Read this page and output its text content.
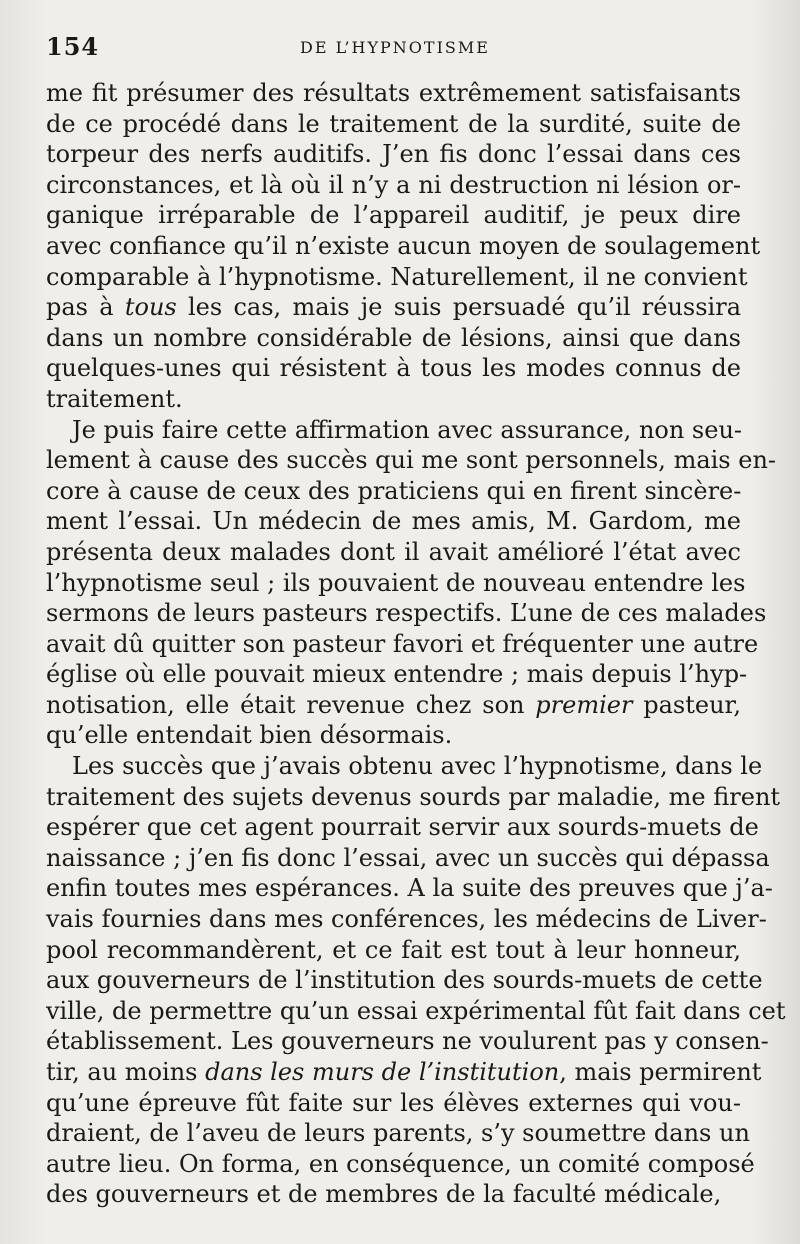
154	DE L’HYPNOTISME
me fit présumer des résultats extrêmement satisfaisants
de ce procédé dans le traitement de la surdité, suite de
torpeur des nerfs auditifs. J’en fis donc l’essai dans ces
circonstances, et là où il n’y a ni destruction ni lésion or-
ganique irréparable de l’appareil auditif, je peux dire
avec confiance qu’il n’existe aucun moyen de soulagement
comparable à l’hypnotisme. Naturellement, il ne convient
pas à tous les cas, mais je suis persuadé qu’il réussira
dans un nombre considérable de lésions, ainsi que dans
quelques-unes qui résistent à tous les modes connus de
traitement.
Je puis faire cette affirmation avec assurance, non seu-
lement à cause des succès qui me sont personnels, mais en-
core à cause de ceux des praticiens qui en firent sincère-
ment l’essai. Un médecin de mes amis, M. Gardom, me
présenta deux malades dont il avait amélioré l’état avec
l’hypnotisme seul ; ils pouvaient de nouveau entendre les
sermons de leurs pasteurs respectifs. L’une de ces malades
avait dû quitter son pasteur favori et fréquenter une autre
église où elle pouvait mieux entendre ; mais depuis l’hyp-
notisation, elle était revenue chez son premier pasteur,
qu’elle entendait bien désormais.
Les succès que j’avais obtenu avec l’hypnotisme, dans le
traitement des sujets devenus sourds par maladie, me firent
espérer que cet agent pourrait servir aux sourds-muets de
naissance ; j’en fis donc l’essai, avec un succès qui dépassa
enfin toutes mes espérances. A la suite des preuves que j’a-
vais fournies dans mes conférences, les médecins de Liver-
pool recommandèrent, et ce fait est tout à leur honneur,
aux gouverneurs de l’institution des sourds-muets de cette
ville, de permettre qu’un essai expérimental fût fait dans cet
établissement. Les gouverneurs ne voulurent pas y consen-
tir, au moins dans les murs de l’institution, mais permirent
qu’une épreuve fût faite sur les élèves externes qui vou-
draient, de l’aveu de leurs parents, s’y soumettre dans un
autre lieu. On forma, en conséquence, un comité composé
des gouverneurs et de membres de la faculté médicale,
